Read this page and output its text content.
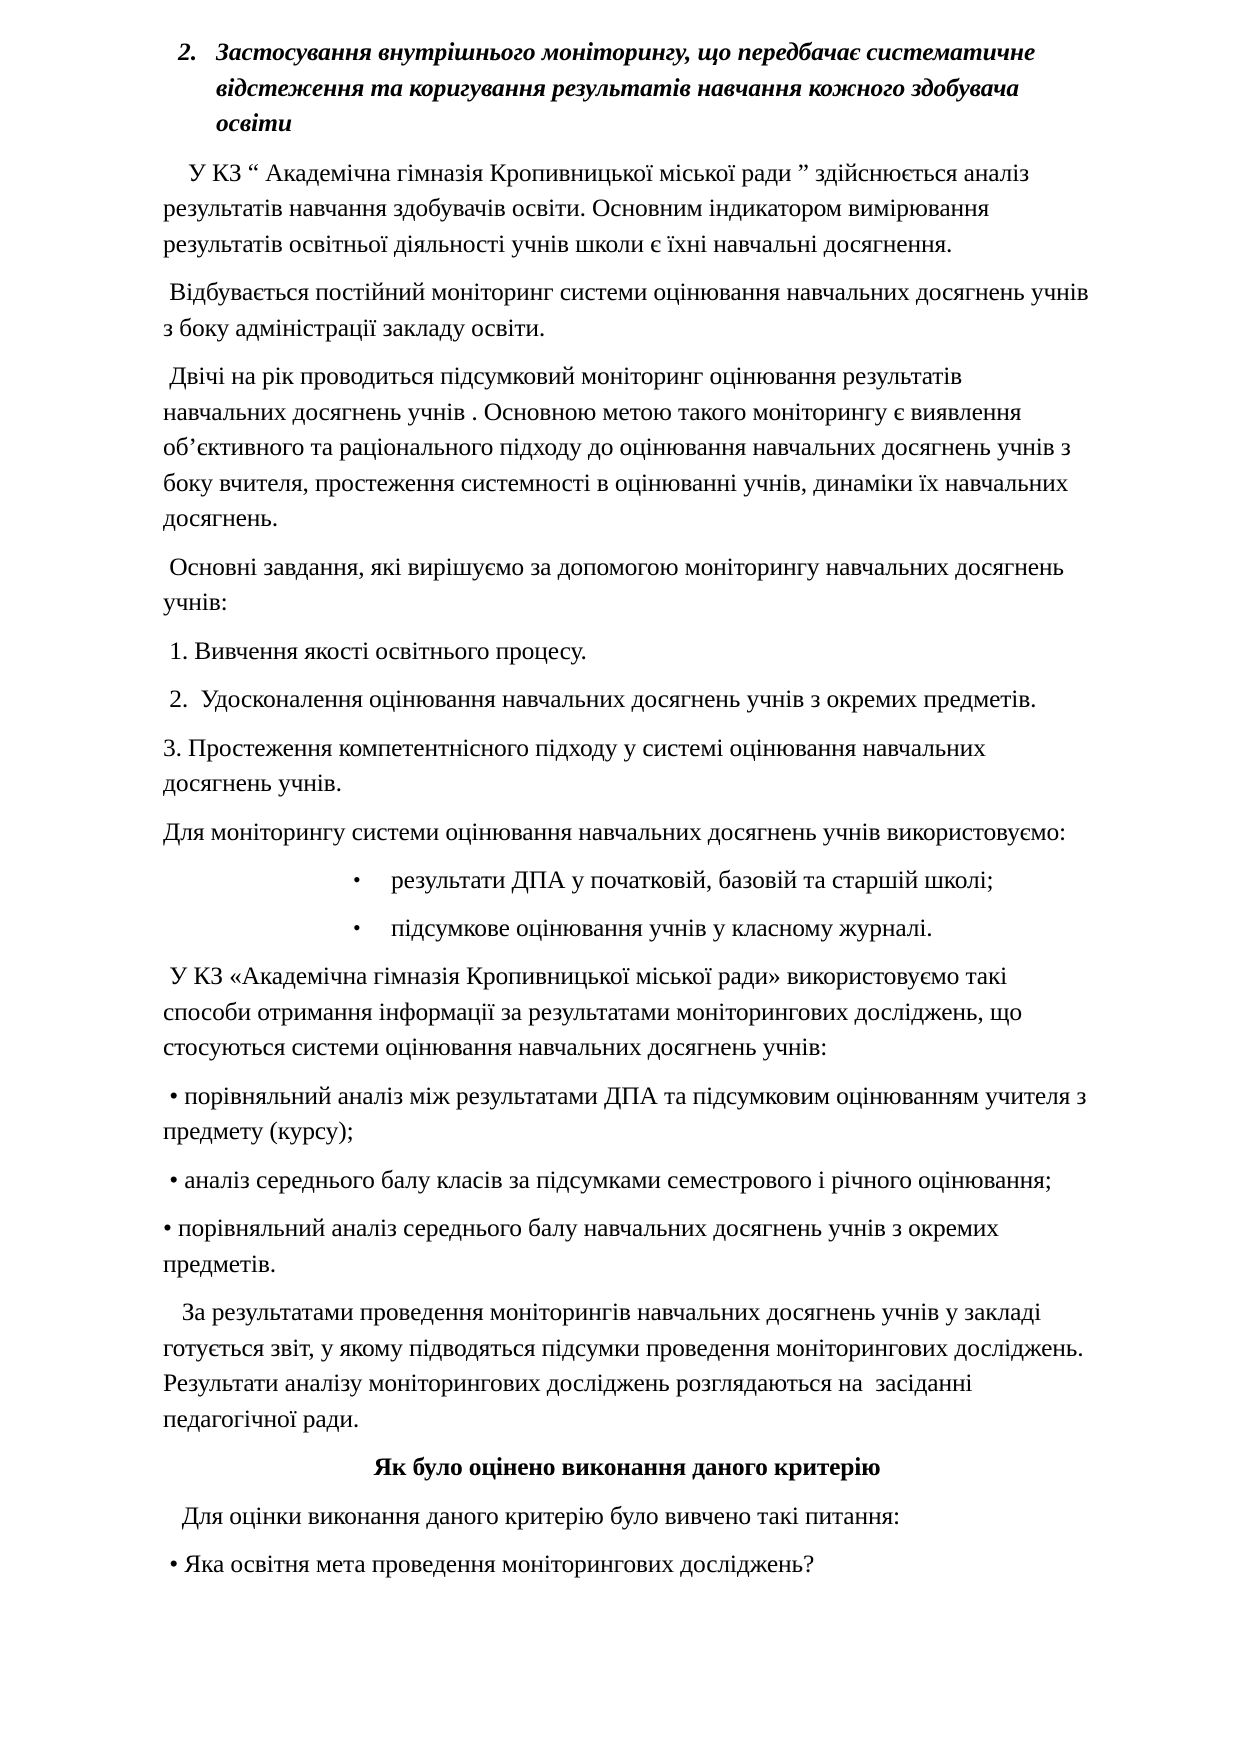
2. Застосування внутрішнього моніторингу, що передбачає систематичне відстеження та коригування результатів навчання кожного здобувача освіти

У КЗ “ Академічна гімназія Кропивницької міської ради ” здійснюється аналіз результатів навчання здобувачів освіти. Основним індикатором вимірювання результатів освітньої діяльності учнів школи є їхні навчальні досягнення.

Відбувається постійний моніторинг системи оцінювання навчальних досягнень учнів з боку адміністрації закладу освіти.

Двічі на рік проводиться підсумковий моніторинг оцінювання результатів навчальних досягнень учнів . Основною метою такого моніторингу є виявлення об’єктивного та раціонального підходу до оцінювання навчальних досягнень учнів з боку вчителя, простеження системності в оцінюванні учнів, динаміки їх навчальних досягнень.

Основні завдання, які вирішуємо за допомогою моніторингу навчальних досягнень учнів:

1. Вивчення якості освітнього процесу.

2.  Удосконалення оцінювання навчальних досягнень учнів з окремих предметів.

3. Простеження компетентнісного підходу у системі оцінювання навчальних досягнень учнів.

Для моніторингу системи оцінювання навчальних досягнень учнів використовуємо:

• результати ДПА у початковій, базовій та старшій школі;
• підсумкове оцінювання учнів у класному журналі.

У КЗ «Академічна гімназія Кропивницької міської ради» використовуємо такі способи отримання інформації за результатами моніторингових досліджень, що стосуються системи оцінювання навчальних досягнень учнів:

• порівняльний аналіз між результатами ДПА та підсумковим оцінюванням учителя з предмету (курсу);

• аналіз середнього балу класів за підсумками семестрового і річного оцінювання;

• порівняльний аналіз середнього балу навчальних досягнень учнів з окремих предметів.

За результатами проведення моніторингів навчальних досягнень учнів у закладі готується звіт, у якому підводяться підсумки проведення моніторингових досліджень. Результати аналізу моніторингових досліджень розглядаються на  засіданні педагогічної ради.

Як було оцінено виконання даного критерію

Для оцінки виконання даного критерію було вивчено такі питання:

• Яка освітня мета проведення моніторингових досліджень?
